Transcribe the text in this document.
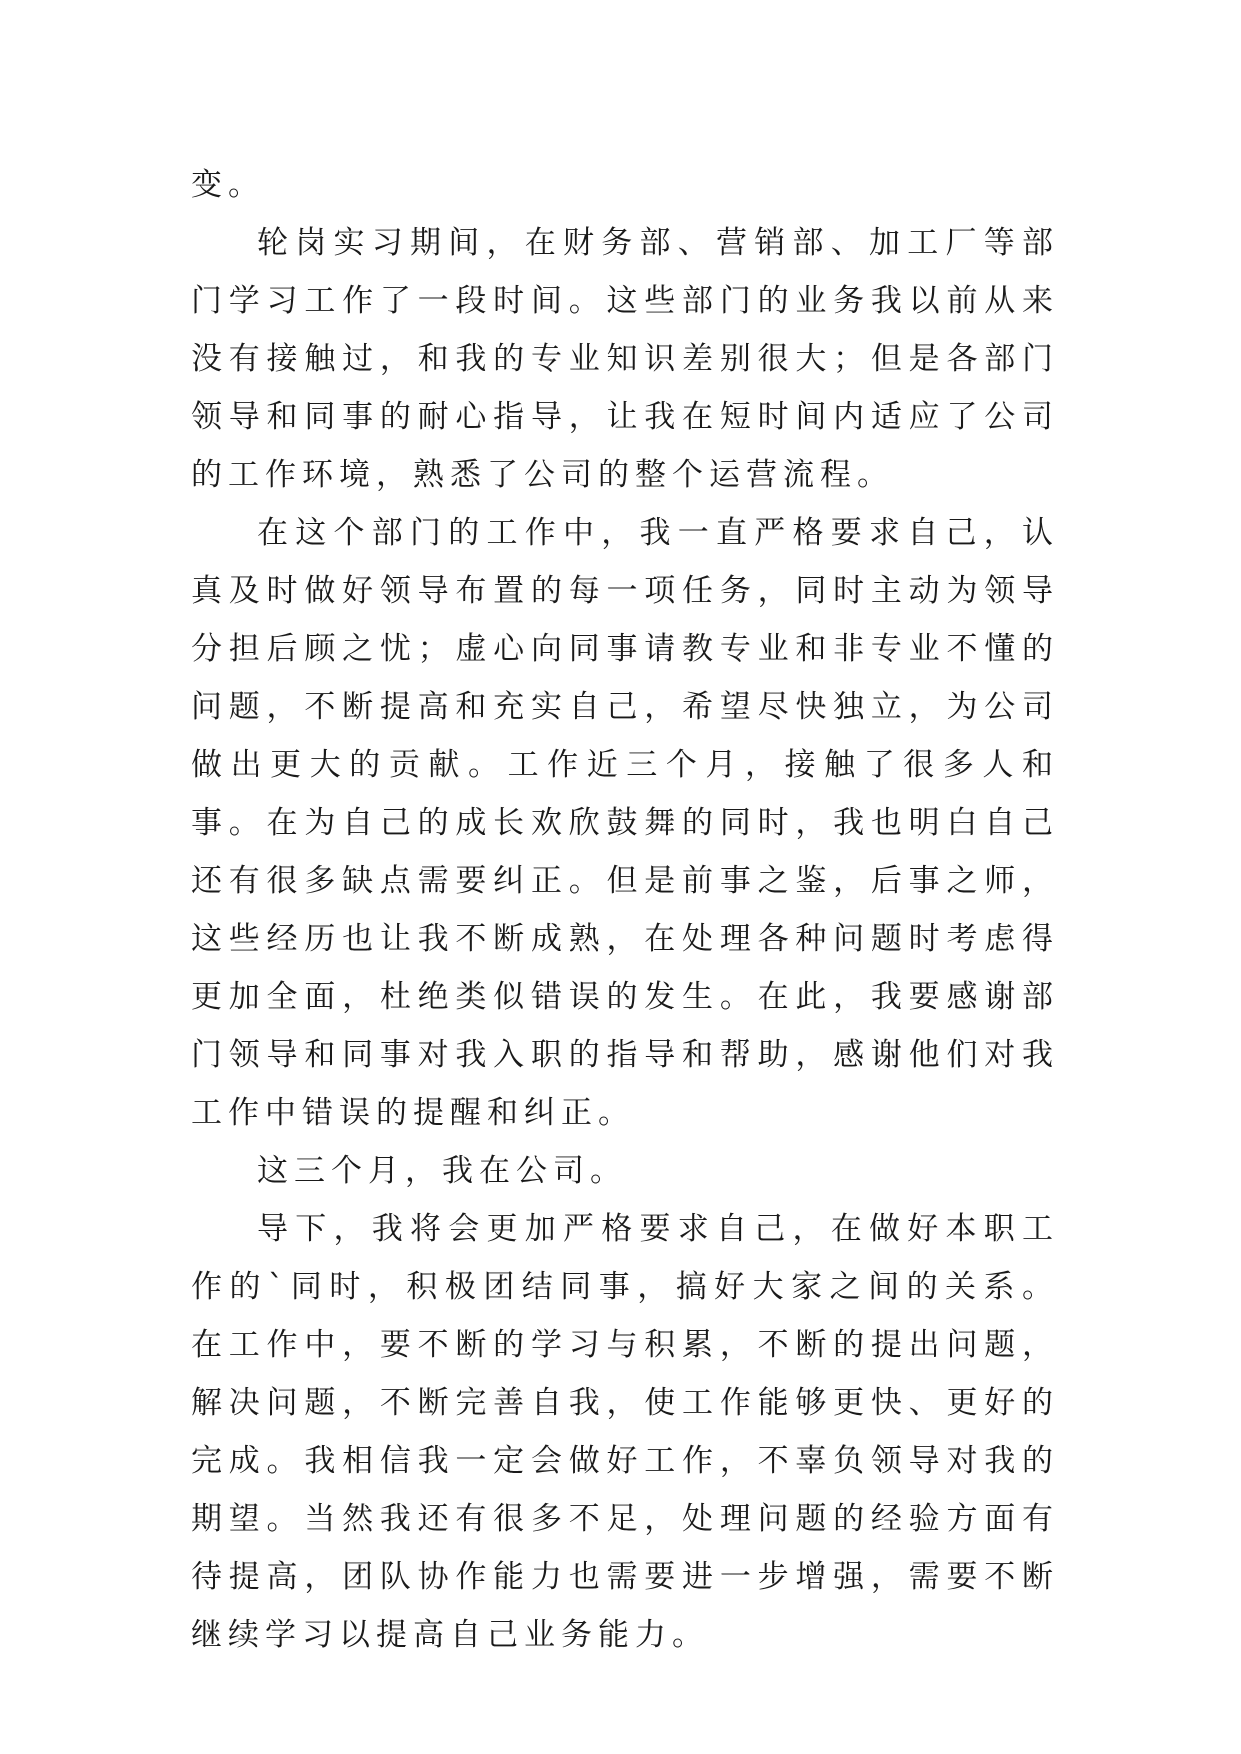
变。

轮岗实习期间，在财务部、营销部、加工厂等部门学习工作了一段时间。这些部门的业务我以前从来没有接触过，和我的专业知识差别很大；但是各部门领导和同事的耐心指导，让我在短时间内适应了公司的工作环境，熟悉了公司的整个运营流程。

在这个部门的工作中，我一直严格要求自己，认真及时做好领导布置的每一项任务，同时主动为领导分担后顾之忧；虚心向同事请教专业和非专业不懂的问题，不断提高和充实自己，希望尽快独立，为公司做出更大的贡献。工作近三个月，接触了很多人和事。在为自己的成长欢欣鼓舞的同时，我也明白自己还有很多缺点需要纠正。但是前事之鉴，后事之师，这些经历也让我不断成熟，在处理各种问题时考虑得更加全面，杜绝类似错误的发生。在此，我要感谢部门领导和同事对我入职的指导和帮助，感谢他们对我工作中错误的提醒和纠正。

这三个月，我在公司。

导下，我将会更加严格要求自己，在做好本职工作的`同时，积极团结同事，搞好大家之间的关系。在工作中，要不断的学习与积累，不断的提出问题，解决问题，不断完善自我，使工作能够更快、更好的完成。我相信我一定会做好工作，不辜负领导对我的期望。当然我还有很多不足，处理问题的经验方面有待提高，团队协作能力也需要进一步增强，需要不断继续学习以提高自己业务能力。
